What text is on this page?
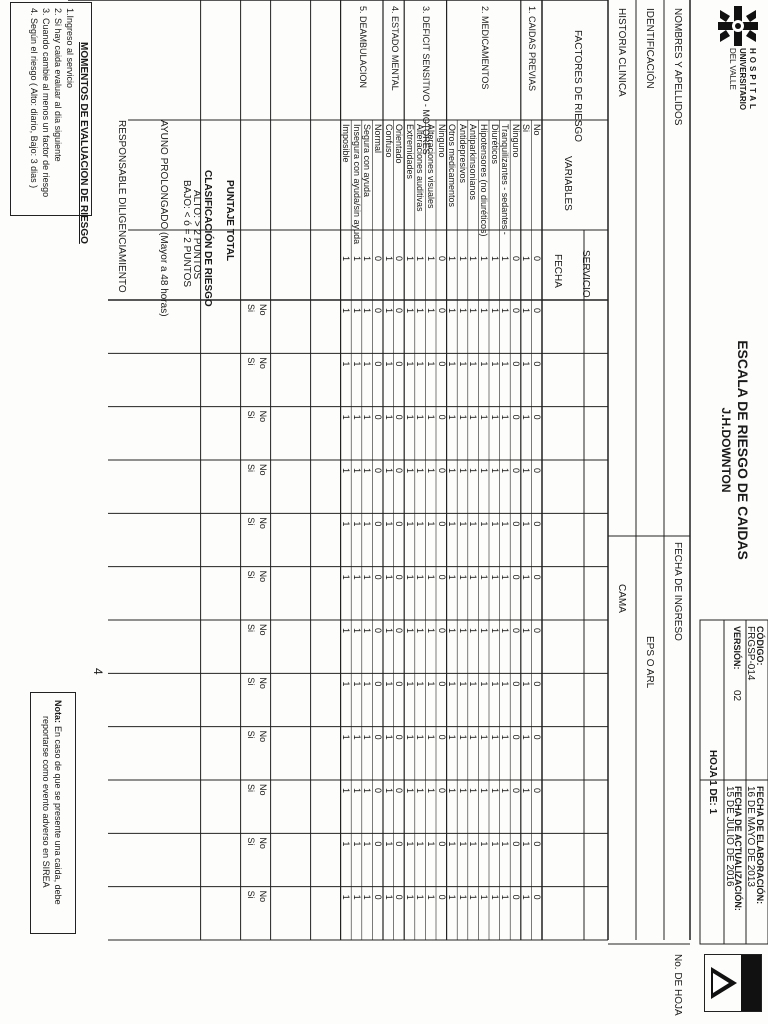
HOSPITAL
UNIVERSITARIO
DEL VALLE
ESCALA DE RIESGO DE CAIDAS
J.H.DOWNTON
CÓDIGO:
FRGSP-014
FECHA DE ELABORACIÓN:
16 DE MAYO DE 2013
VERSIÓN:
02
FECHA DE ACTUALIZACIÓN:
15 DE JULIO DE 2016
HOJA 1 DE: 1
NOMBRES Y APELLIDOS
IDENTIFICACIÓN
HISTORIA CLINICA
FECHA DE INGRESO
EPS O ARL
CAMA
No. DE HOJA
FACTORES DE RIESGO
VARIABLES
SERVICIO
FECHA
No
0
0
0
0
0
0
0
0
0
0
0
0
0
Si
1
1
1
1
1
1
1
1
1
1
1
1
1
1. CAIDAS PREVIAS
Ninguno
0
0
0
0
0
0
0
0
0
0
0
0
0
Tranquilizantes - sedantes -
1
1
1
1
1
1
1
1
1
1
1
1
1
Diuréticos
1
1
1
1
1
1
1
1
1
1
1
1
1
Hipotensores (no diuréticos)
1
1
1
1
1
1
1
1
1
1
1
1
1
Antiparkinsonianos
1
1
1
1
1
1
1
1
1
1
1
1
1
Antidepresivos
1
1
1
1
1
1
1
1
1
1
1
1
1
Otros medicamentos
1
1
1
1
1
1
1
1
1
1
1
1
1
2. MEDICAMENTOS
Ninguno
0
0
0
0
0
0
0
0
0
0
0
0
0
Alteraciones visuales
1
1
1
1
1
1
1
1
1
1
1
1
1
Alteraciones auditivas
1
1
1
1
1
1
1
1
1
1
1
1
1
Extremidades
1
1
1
1
1
1
1
1
1
1
1
1
1
3. DEFICIT SENSITIVO - MOTORES
Orientado
0
0
0
0
0
0
0
0
0
0
0
0
0
Confuso
1
1
1
1
1
1
1
1
1
1
1
1
1
4. ESTADO MENTAL
Normal
0
0
0
0
0
0
0
0
0
0
0
0
0
Segura con ayuda
1
1
1
1
1
1
1
1
1
1
1
1
1
Insegura con ayuda/sin ayuda
1
1
1
1
1
1
1
1
1
1
1
1
1
Imposible
1
1
1
1
1
1
1
1
1
1
1
1
1
5. DEAMBULACION
No
Si
No
Si
No
Si
No
Si
No
Si
No
Si
No
Si
No
Si
No
Si
No
Si
No
Si
No
Si
PUNTAJE TOTAL
CLASIFICACIÓN DE RIESGO
ALTO: > 2 PUNTOS
BAJO: < ó = 2 PUNTOS
AYUNO PROLONGADO (Mayor a 48 horas)
RESPONSABLE DILIGENCIAMIENTO
MOMENTOS DE EVALUACION DE RIESGO
1.Ingreso al servicio
2. Si hay caida evaluar al dia siguiente
3. Cuando cambie al menos un factor de riesgo
4. Según el riesgo ( Alto: diario, Bajo: 3 dias )
Nota:
En caso de que se presente una caida, debe
reportarse como evento adverso en SIREA
4
